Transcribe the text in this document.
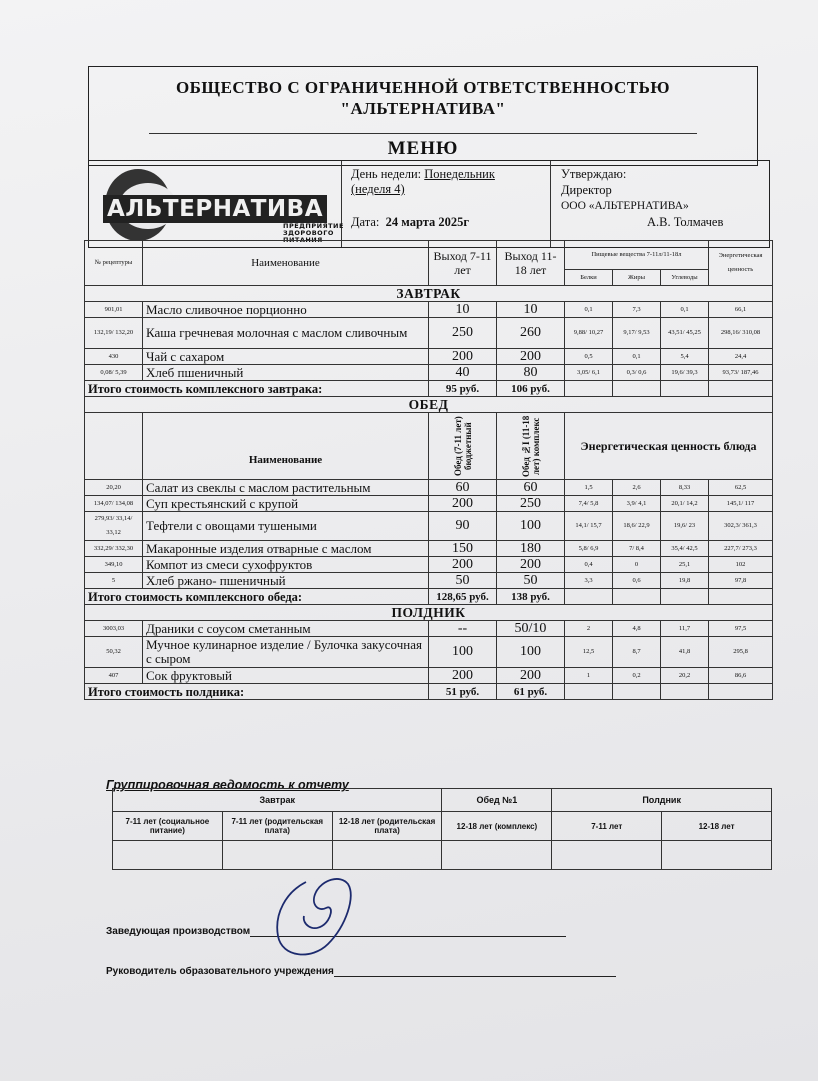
ОБЩЕСТВО С ОГРАНИЧЕННОЙ ОТВЕТСТВЕННОСТЬЮ
"АЛЬТЕРНАТИВА"
МЕНЮ
АЛЬТЕРНАТИВА
ПРЕДПРИЯТИЕ
ЗДОРОВОГО
ПИТАНИЯ
День недели: Понедельник
(неделя 4)
Дата: 24 марта 2025г
Утверждаю:
Директор
ООО «АЛЬТЕРНАТИВА»
А.В. Толмачев
№ рецептуры	Наименование	Выход 7-11 лет	Выход 11-18 лет	Пищевые вещества 7-11л/11-18л			Энергетическая ценность
				Белки	Жиры	Углеводы	
ЗАВТРАК							
901,01	Масло сливочное порционно	10	10	0,1	7,3	0,1	66,1
132,19/ 132,20	Каша гречневая молочная с маслом сливочным	250	260	9,88/ 10,27	9,17/ 9,53	43,51/ 45,25	298,16/ 310,08
430	Чай с сахаром	200	200	0,5	0,1	5,4	24,4
0,08/ 5,39	Хлеб пшеничный	40	80	3,05/ 6,1	0,3/ 0,6	19,6/ 39,3	93,73/ 187,46
Итого стоимость комплексного завтрака:		95 руб.	106 руб.				
ОБЕД							
	Наименование	Обед (7-11 лет) бюджетный	Обед №I (11-18 лет) комплекс	Энергетическая ценность блюда			
20,20	Салат из свеклы с маслом растительным	60	60	1,5	2,6	8,33	62,5
134,07/ 134,08	Суп крестьянский с крупой	200	250	7,4/ 5,8	3,9/ 4,1	20,1/ 14,2	145,1/ 117
279,93/ 33,14/ 33,12	Тефтели с овощами тушеными	90	100	14,1/ 15,7	18,6/ 22,9	19,6/ 23	302,3/ 361,3
332,29/ 332,30	Макаронные изделия отварные с маслом	150	180	5,8/ 6,9	7/ 8,4	35,4/ 42,5	227,7/ 273,3
349,10	Компот из смеси сухофруктов	200	200	0,4	0	25,1	102
5	Хлеб ржано- пшеничный	50	50	3,3	0,6	19,8	97,8
Итого стоимость комплексного обеда:		128,65 руб.	138 руб.				
ПОЛДНИК							
3003,03	Драники с соусом сметанным	--	50/10	2	4,8	11,7	97,5
50,32	Мучное кулинарное изделие / Булочка закусочная с сыром	100	100	12,5	8,7	41,8	295,8
407	Сок фруктовый	200	200	1	0,2	20,2	86,6
Итого стоимость полдника:		51 руб.	61 руб.				
Группировочная ведомость к отчету
Завтрак			Обед №1	Полдник	
7-11 лет (социальное питание)	7-11 лет (родительская плата)	12-18 лет (родительская плата)	12-18 лет (комплекс)	7-11 лет	12-18 лет

Заведующая производством
Руководитель образовательного учреждения
